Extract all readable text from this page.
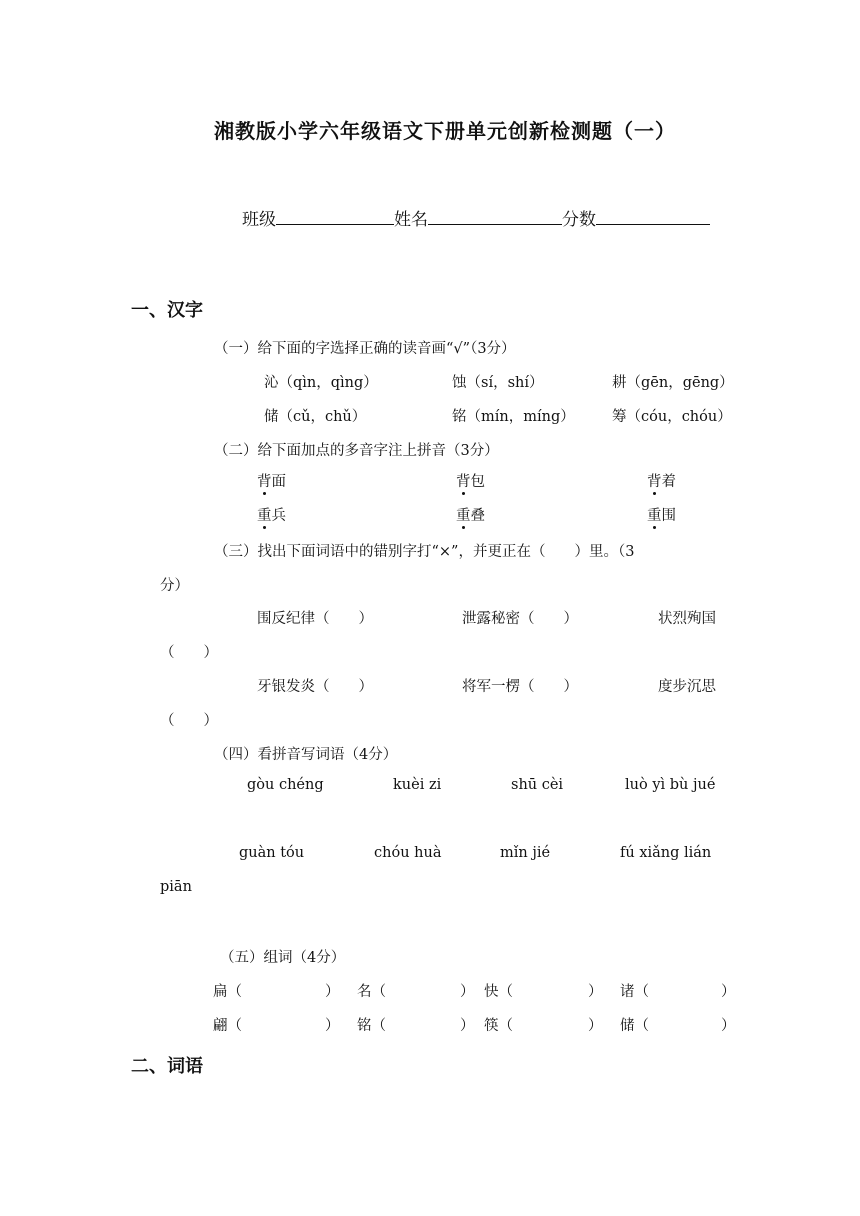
湘教版小学六年级语文下册单元创新检测题（一）
班级	姓名	分数
一、汉字
（一）给下面的字选择正确的读音画“√”（3分）
沁（qìn，qìng）	蚀（sí，shí）	耕（gēn，gēng）
储（cǔ，chǔ）	铭（mín，míng）	筹（cóu，chóu）
（二）给下面加点的多音字注上拼音（3分）
背面	背包	背着
重兵	重叠	重围
（三）找出下面词语中的错别字打“×”，并更正在（　　）里。（3
分）
围反纪律（　　）	泄露秘密（　　）	状烈殉国
（　　）
牙银发炎（　　）	将军一楞（　　）	度步沉思
（　　）
（四）看拼音写词语（4分）
gòu chéng	kuèi zi	shū cèi	luò yì bù jué
guàn tóu	chóu huà	mǐn jié	fú xiǎng lián
piān
（五）组词（4分）
扁（	） 名（	） 快（	） 诸（	）
翩（	） 铭（	） 筷（	） 储（	）
二、词语
